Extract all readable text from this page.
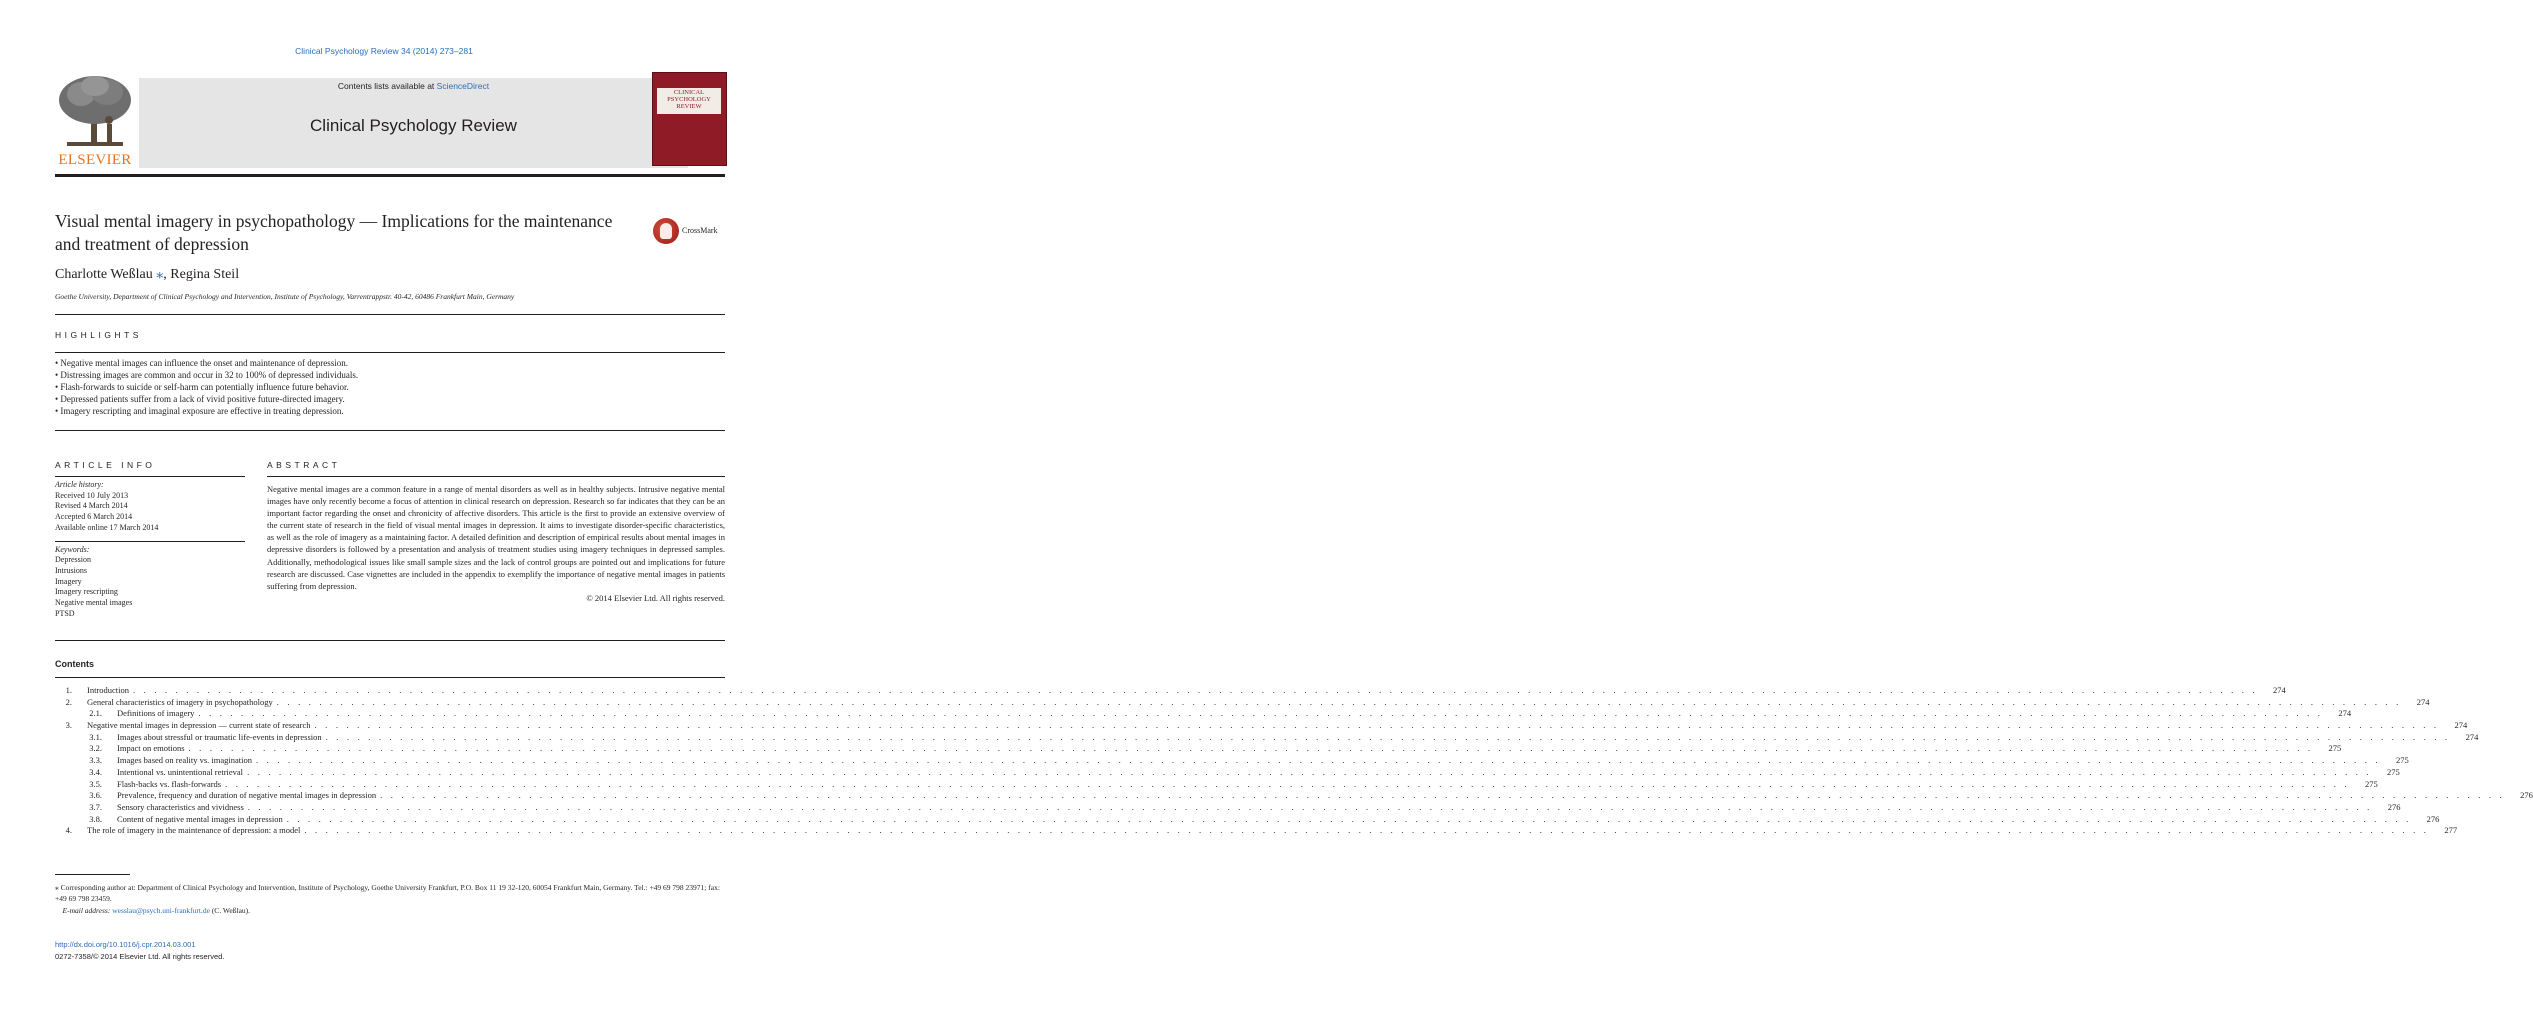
Clinical Psychology Review 34 (2014) 273–281
ELSEVIER
Contents lists available at ScienceDirect
Clinical Psychology Review
CLINICAL PSYCHOLOGY REVIEW
Visual mental imagery in psychopathology — Implications for the maintenance and treatment of depression
CrossMark
Charlotte Weßlau ⁎, Regina Steil
Goethe University, Department of Clinical Psychology and Intervention, Institute of Psychology, Varrentrappstr. 40-42, 60486 Frankfurt Main, Germany
HIGHLIGHTS
• Negative mental images can influence the onset and maintenance of depression.
• Distressing images are common and occur in 32 to 100% of depressed individuals.
• Flash-forwards to suicide or self-harm can potentially influence future behavior.
• Depressed patients suffer from a lack of vivid positive future-directed imagery.
• Imagery rescripting and imaginal exposure are effective in treating depression.
ARTICLE INFO	ABSTRACT
Article history:
Received 10 July 2013
Revised 4 March 2014
Accepted 6 March 2014
Available online 17 March 2014
Keywords:
Depression
Intrusions
Imagery
Imagery rescripting
Negative mental images
PTSD
Negative mental images are a common feature in a range of mental disorders as well as in healthy subjects. Intrusive negative mental images have only recently become a focus of attention in clinical research on depression. Research so far indicates that they can be an important factor regarding the onset and chronicity of affective disorders. This article is the first to provide an extensive overview of the current state of research in the field of visual mental images in depression. It aims to investigate disorder-specific characteristics, as well as the role of imagery as a maintaining factor. A detailed definition and description of empirical results about mental images in depressive disorders is followed by a presentation and analysis of treatment studies using imagery techniques in depressed samples. Additionally, methodological issues like small sample sizes and the lack of control groups are pointed out and implications for future research are discussed. Case vignettes are included in the appendix to exemplify the importance of negative mental images in patients suffering from depression.
© 2014 Elsevier Ltd. All rights reserved.
Contents
1. Introduction . . . . . . . . . . . . . . . . . . . . . . . . . . . . . . . . . . . . . . . . . . . . . . . . . . . . . . . . . . . . . . . . . . . . . . . . . . . . . . . . . . . . . . . . . . . . . . . . . . . . . . . . . . . . . . . . . . . . . . . . . . . . . . . . . . . . . . . . . . . . . . . . . . . . . . . . . . . . . . . . . . . . . . . . . . . . . . . . . . . . . . . . . . . . . . . . . . . . . . . .	274
2. General characteristics of imagery in psychopathology . . . . . . . . . . . . . . . . . . . . . . . . . . . . . . . . . . . . . . . . . . . . . . . . . . . . . . . . . . . . . . . . . . . . . . . . . . . . . . . . . . . . . . . . . . . . . . . . . . . . . . . . . . . . . . . . . . . . . . . . . . . . . . . . . . . . . . . . . . . . . . . . . . . . . . . . . . . . . . . . . . . . . . . . . . . . . . . . . . . . . . . . . . . . . . . . . . . . . . . .	274
2.1. Definitions of imagery . . . . . . . . . . . . . . . . . . . . . . . . . . . . . . . . . . . . . . . . . . . . . . . . . . . . . . . . . . . . . . . . . . . . . . . . . . . . . . . . . . . . . . . . . . . . . . . . . . . . . . . . . . . . . . . . . . . . . . . . . . . . . . . . . . . . . . . . . . . . . . . . . . . . . . . . . . . . . . . . . . . . . . . . . . . . . . . . . . . . . . . . . . . . . . . . . . . . . . . .	274
3. Negative mental images in depression — current state of research . . . . . . . . . . . . . . . . . . . . . . . . . . . . . . . . . . . . . . . . . . . . . . . . . . . . . . . . . . . . . . . . . . . . . . . . . . . . . . . . . . . . . . . . . . . . . . . . . . . . . . . . . . . . . . . . . . . . . . . . . . . . . . . . . . . . . . . . . . . . . . . . . . . . . . . . . . . . . . . . . . . . . . . . . . . . . . . . . . . . . . . . . . . . . . . . . . . . . . . .	274
3.1. Images about stressful or traumatic life-events in depression . . . . . . . . . . . . . . . . . . . . . . . . . . . . . . . . . . . . . . . . . . . . . . . . . . . . . . . . . . . . . . . . . . . . . . . . . . . . . . . . . . . . . . . . . . . . . . . . . . . . . . . . . . . . . . . . . . . . . . . . . . . . . . . . . . . . . . . . . . . . . . . . . . . . . . . . . . . . . . . . . . . . . . . . . . . . . . . . . . . . . . . . . . . . . . . . . . . . . . . .	274
3.2. Impact on emotions . . . . . . . . . . . . . . . . . . . . . . . . . . . . . . . . . . . . . . . . . . . . . . . . . . . . . . . . . . . . . . . . . . . . . . . . . . . . . . . . . . . . . . . . . . . . . . . . . . . . . . . . . . . . . . . . . . . . . . . . . . . . . . . . . . . . . . . . . . . . . . . . . . . . . . . . . . . . . . . . . . . . . . . . . . . . . . . . . . . . . . . . . . . . . . . . . . . . . . . .	275
3.3. Images based on reality vs. imagination . . . . . . . . . . . . . . . . . . . . . . . . . . . . . . . . . . . . . . . . . . . . . . . . . . . . . . . . . . . . . . . . . . . . . . . . . . . . . . . . . . . . . . . . . . . . . . . . . . . . . . . . . . . . . . . . . . . . . . . . . . . . . . . . . . . . . . . . . . . . . . . . . . . . . . . . . . . . . . . . . . . . . . . . . . . . . . . . . . . . . . . . . . . . . . . . . . . . . . . .	275
3.4. Intentional vs. unintentional retrieval . . . . . . . . . . . . . . . . . . . . . . . . . . . . . . . . . . . . . . . . . . . . . . . . . . . . . . . . . . . . . . . . . . . . . . . . . . . . . . . . . . . . . . . . . . . . . . . . . . . . . . . . . . . . . . . . . . . . . . . . . . . . . . . . . . . . . . . . . . . . . . . . . . . . . . . . . . . . . . . . . . . . . . . . . . . . . . . . . . . . . . . . . . . . . . . . . . . . . . . .	275
3.5. Flash-backs vs. flash-forwards . . . . . . . . . . . . . . . . . . . . . . . . . . . . . . . . . . . . . . . . . . . . . . . . . . . . . . . . . . . . . . . . . . . . . . . . . . . . . . . . . . . . . . . . . . . . . . . . . . . . . . . . . . . . . . . . . . . . . . . . . . . . . . . . . . . . . . . . . . . . . . . . . . . . . . . . . . . . . . . . . . . . . . . . . . . . . . . . . . . . . . . . . . . . . . . . . . . . . . . .	275
3.6. Prevalence, frequency and duration of negative mental images in depression . . . . . . . . . . . . . . . . . . . . . . . . . . . . . . . . . . . . . . . . . . . . . . . . . . . . . . . . . . . . . . . . . . . . . . . . . . . . . . . . . . . . . . . . . . . . . . . . . . . . . . . . . . . . . . . . . . . . . . . . . . . . . . . . . . . . . . . . . . . . . . . . . . . . . . . . . . . . . . . . . . . . . . . . . . . . . . . . . . . . . . . . . . . . . . . . . . . . . . . .	276
3.7. Sensory characteristics and vividness . . . . . . . . . . . . . . . . . . . . . . . . . . . . . . . . . . . . . . . . . . . . . . . . . . . . . . . . . . . . . . . . . . . . . . . . . . . . . . . . . . . . . . . . . . . . . . . . . . . . . . . . . . . . . . . . . . . . . . . . . . . . . . . . . . . . . . . . . . . . . . . . . . . . . . . . . . . . . . . . . . . . . . . . . . . . . . . . . . . . . . . . . . . . . . . . . . . . . . . .	276
3.8. Content of negative mental images in depression . . . . . . . . . . . . . . . . . . . . . . . . . . . . . . . . . . . . . . . . . . . . . . . . . . . . . . . . . . . . . . . . . . . . . . . . . . . . . . . . . . . . . . . . . . . . . . . . . . . . . . . . . . . . . . . . . . . . . . . . . . . . . . . . . . . . . . . . . . . . . . . . . . . . . . . . . . . . . . . . . . . . . . . . . . . . . . . . . . . . . . . . . . . . . . . . . . . . . . . .	276
4. The role of imagery in the maintenance of depression: a model . . . . . . . . . . . . . . . . . . . . . . . . . . . . . . . . . . . . . . . . . . . . . . . . . . . . . . . . . . . . . . . . . . . . . . . . . . . . . . . . . . . . . . . . . . . . . . . . . . . . . . . . . . . . . . . . . . . . . . . . . . . . . . . . . . . . . . . . . . . . . . . . . . . . . . . . . . . . . . . . . . . . . . . . . . . . . . . . . . . . . . . . . . . . . . . . . . . . . . . .	277
⁎ Corresponding author at: Department of Clinical Psychology and Intervention, Institute of Psychology, Goethe University Frankfurt, P.O. Box 11 19 32-120, 60054 Frankfurt Main, Germany. Tel.: +49 69 798 23971; fax: +49 69 798 23459.
E-mail address: wesslau@psych.uni-frankfurt.de (C. Weßlau).
http://dx.doi.org/10.1016/j.cpr.2014.03.001
0272-7358/© 2014 Elsevier Ltd. All rights reserved.
